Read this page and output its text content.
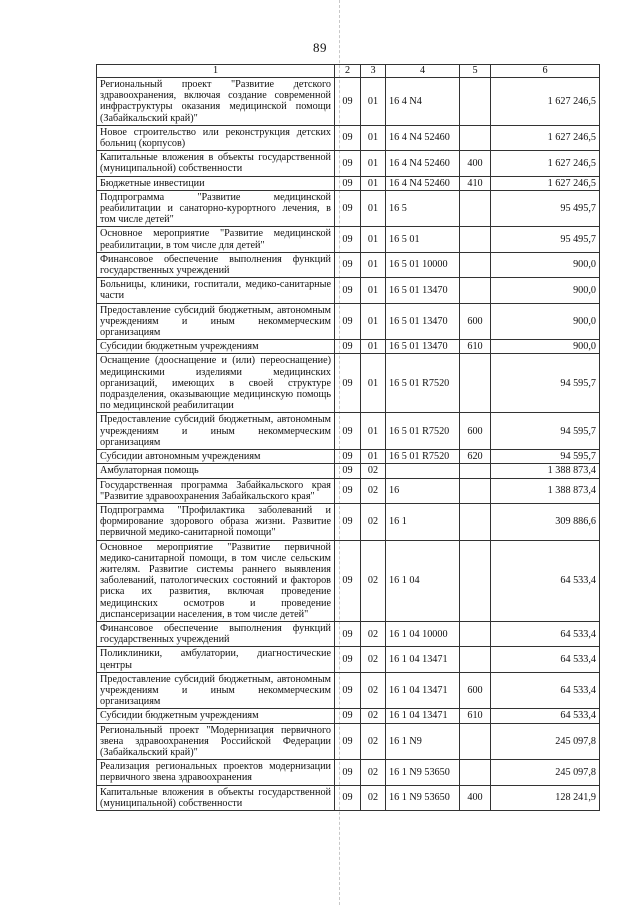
89
1	2	3	4	5	6
Региональный проект "Развитие детского здравоохранения, включая создание современной инфраструктуры оказания медицинской помощи (Забайкальский край)"	09	01	16 4 N4		1 627 246,5
Новое строительство или реконструкция детских больниц (корпусов)	09	01	16 4 N4 52460		1 627 246,5
Капитальные вложения в объекты государственной (муниципальной) собственности	09	01	16 4 N4 52460	400	1 627 246,5
Бюджетные инвестиции	09	01	16 4 N4 52460	410	1 627 246,5
Подпрограмма "Развитие медицинской реабилитации и санаторно-курортного лечения, в том числе детей"	09	01	16 5		95 495,7
Основное мероприятие "Развитие медицинской реабилитации, в том числе для детей"	09	01	16 5 01		95 495,7
Финансовое обеспечение выполнения функций государственных учреждений	09	01	16 5 01 10000		900,0
Больницы, клиники, госпитали, медико-санитарные части	09	01	16 5 01 13470		900,0
Предоставление субсидий бюджетным, автономным учреждениям и иным некоммерческим организациям	09	01	16 5 01 13470	600	900,0
Субсидии бюджетным учреждениям	09	01	16 5 01 13470	610	900,0
Оснащение (дооснащение и (или) переоснащение) медицинскими изделиями медицинских организаций, имеющих в своей структуре подразделения, оказывающие медицинскую помощь по медицинской реабилитации	09	01	16 5 01 R7520		94 595,7
Предоставление субсидий бюджетным, автономным учреждениям и иным некоммерческим организациям	09	01	16 5 01 R7520	600	94 595,7
Субсидии автономным учреждениям	09	01	16 5 01 R7520	620	94 595,7
Амбулаторная помощь	09	02			1 388 873,4
Государственная программа Забайкальского края "Развитие здравоохранения Забайкальского края"	09	02	16		1 388 873,4
Подпрограмма "Профилактика заболеваний и формирование здорового образа жизни. Развитие первичной медико-санитарной помощи"	09	02	16 1		309 886,6
Основное мероприятие "Развитие первичной медико-санитарной помощи, в том числе сельским жителям. Развитие системы раннего выявления заболеваний, патологических состояний и факторов риска их развития, включая проведение медицинских осмотров и проведение диспансеризации населения, в том числе детей"	09	02	16 1 04		64 533,4
Финансовое обеспечение выполнения функций государственных учреждений	09	02	16 1 04 10000		64 533,4
Поликлиники, амбулатории, диагностические центры	09	02	16 1 04 13471		64 533,4
Предоставление субсидий бюджетным, автономным учреждениям и иным некоммерческим организациям	09	02	16 1 04 13471	600	64 533,4
Субсидии бюджетным учреждениям	09	02	16 1 04 13471	610	64 533,4
Региональный проект "Модернизация первичного звена здравоохранения Российской Федерации (Забайкальский край)"	09	02	16 1 N9		245 097,8
Реализация региональных проектов модернизации первичного звена здравоохранения	09	02	16 1 N9 53650		245 097,8
Капитальные вложения в объекты государственной (муниципальной) собственности	09	02	16 1 N9 53650	400	128 241,9
